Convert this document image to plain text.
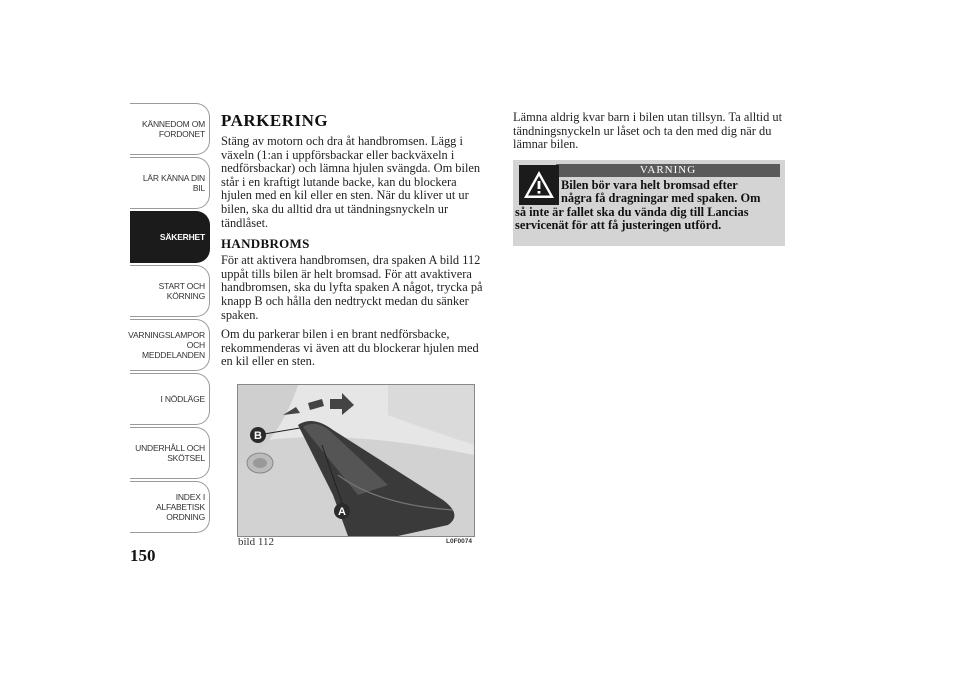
KÄNNEDOM OM
FORDONET
LÄR KÄNNA DIN
BIL
SÄKERHET
START OCH
KÖRNING
VARNINGSLAMPOR
OCH
MEDDELANDEN
I NÖDLÄGE
UNDERHÅLL OCH
SKÖTSEL
INDEX I
ALFABETISK
ORDNING
150
PARKERING

Stäng av motorn och dra åt handbromsen. Lägg i växeln (1:an i uppförsbackar eller backväxeln i nedförsbackar) och lämna hjulen svängda. Om bilen står i en kraftigt lutande backe, kan du blockera hjulen med en kil eller en sten. När du kliver ut ur bilen, ska du alltid dra ut tändningsnyckeln ur tändlåset.

HANDBROMS

För att aktivera handbromsen, dra spaken A bild 112 uppåt tills bilen är helt bromsad. För att avaktivera handbromsen, ska du lyfta spaken A något, trycka på knapp B och hålla den nedtryckt medan du sänker spaken.

Om du parkerar bilen i en brant nedförsbacke, rekommenderas vi även att du blockerar hjulen med en kil eller en sten.

Lämna aldrig kvar barn i bilen utan tillsyn. Ta alltid ut tändningsnyckeln ur låset och ta den med dig när du lämnar bilen.

VARNING
Bilen bör vara helt bromsad efter
några få dragningar med spaken. Om
så inte är fallet ska du vända dig till Lancias servicenät för att få justeringen utförd.
B
A
bild 112	L0F0074
